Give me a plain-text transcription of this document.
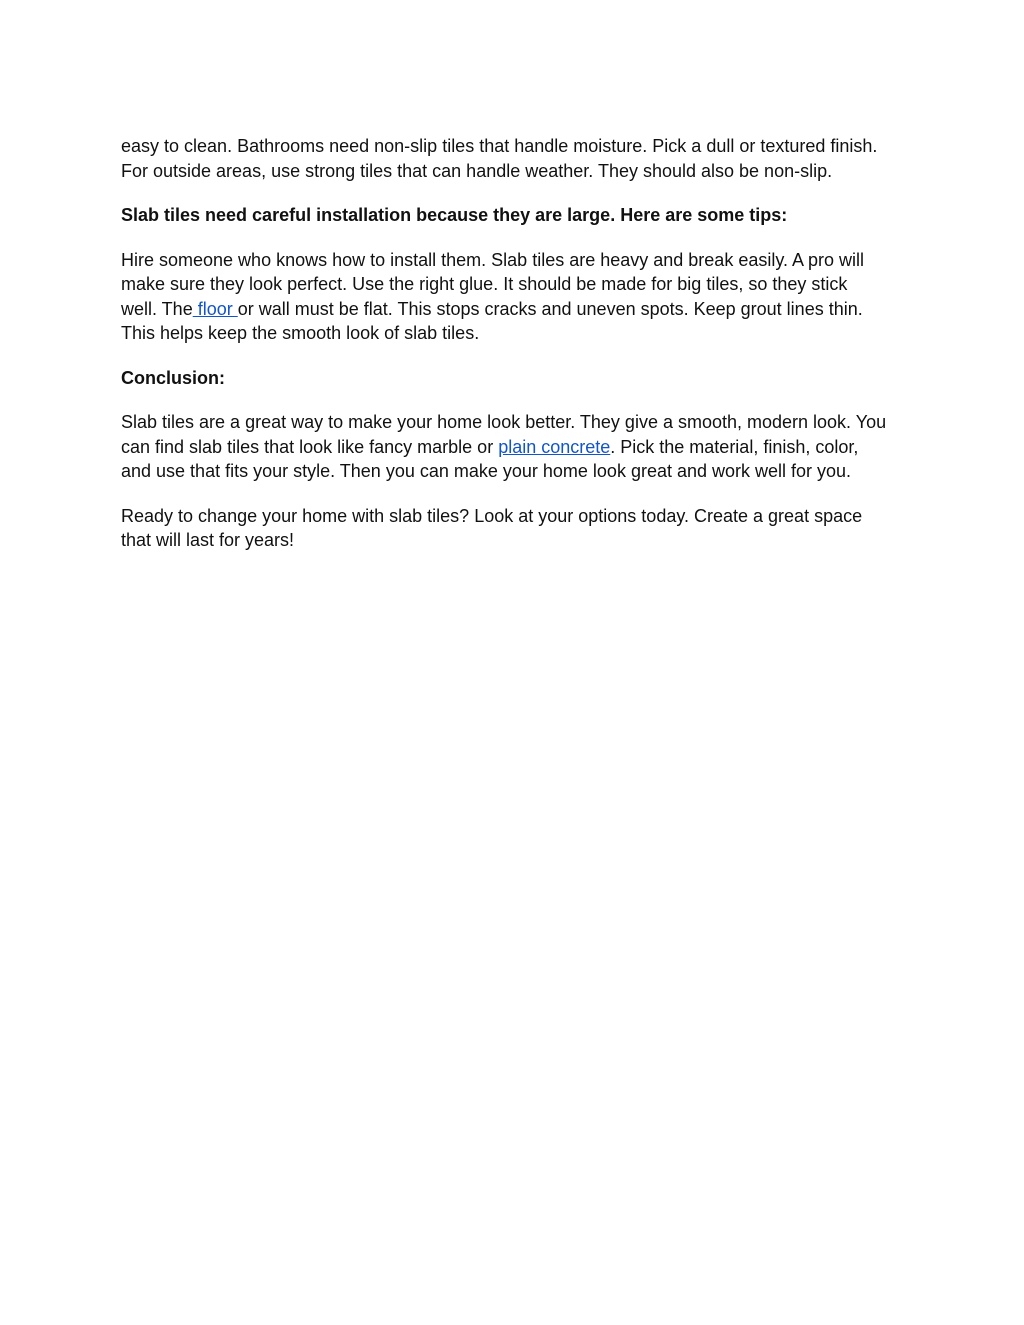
easy to clean. Bathrooms need non-slip tiles that handle moisture. Pick a dull or textured finish.
For outside areas, use strong tiles that can handle weather. They should also be non-slip.

Slab tiles need careful installation because they are large. Here are some tips:

Hire someone who knows how to install them. Slab tiles are heavy and break easily. A pro will
make sure they look perfect. Use the right glue. It should be made for big tiles, so they stick
well. The floor or wall must be flat. This stops cracks and uneven spots. Keep grout lines thin.
This helps keep the smooth look of slab tiles.

Conclusion:

Slab tiles are a great way to make your home look better. They give a smooth, modern look. You
can find slab tiles that look like fancy marble or plain concrete. Pick the material, finish, color,
and use that fits your style. Then you can make your home look great and work well for you.

Ready to change your home with slab tiles? Look at your options today. Create a great space
that will last for years!
